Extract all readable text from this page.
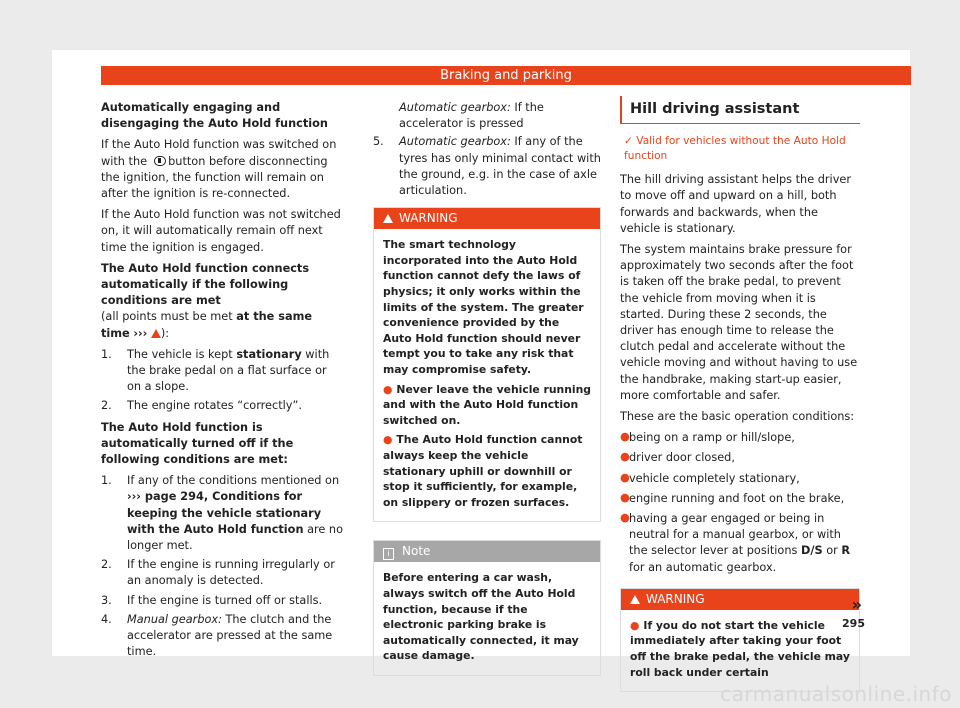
Braking and parking

Automatically engaging and disengaging the Auto Hold function

If the Auto Hold function was switched on with the button before disconnecting the ignition, the function will remain on after the ignition is re-connected.

If the Auto Hold function was not switched on, it will automatically remain off next time the ignition is engaged.

The Auto Hold function connects automatically if the following conditions are met

(all points must be met at the same time ››› ):

1. The vehicle is kept stationary with the brake pedal on a flat surface or on a slope.
2. The engine rotates “correctly”.

The Auto Hold function is automatically turned off if the following conditions are met:

1. If any of the conditions mentioned on ››› page 294, Conditions for keeping the vehicle stationary with the Auto Hold function are no longer met.
2. If the engine is running irregularly or an anomaly is detected.
3. If the engine is turned off or stalls.
4. Manual gearbox: The clutch and the accelerator are pressed at the same time.

Automatic gearbox: If the accelerator is pressed

5. Automatic gearbox: If any of the tyres has only minimal contact with the ground, e.g. in the case of axle articulation.
WARNING

The smart technology incorporated into the Auto Hold function cannot defy the laws of physics; it only works within the limits of the system. The greater convenience provided by the Auto Hold function should never tempt you to take any risk that may compromise safety.

● Never leave the vehicle running and with the Auto Hold function switched on.

● The Auto Hold function cannot always keep the vehicle stationary uphill or downhill or stop it sufficiently, for example, on slippery or frozen surfaces.

i Note

Before entering a car wash, always switch off the Auto Hold function, because if the electronic parking brake is automatically connected, it may cause damage.

Hill driving assistant
✓ Valid for vehicles without the Auto Hold function

The hill driving assistant helps the driver to move off and upward on a hill, both forwards and backwards, when the vehicle is stationary.

The system maintains brake pressure for approximately two seconds after the foot is taken off the brake pedal, to prevent the vehicle from moving when it is started. During these 2 seconds, the driver has enough time to release the clutch pedal and accelerate without the vehicle moving and without having to use the handbrake, making start-up easier, more comfortable and safer.

These are the basic operation conditions:

● being on a ramp or hill/slope,
● driver door closed,
● vehicle completely stationary,
● engine running and foot on the brake,
● having a gear engaged or being in neutral for a manual gearbox, or with the selector lever at positions D/S or R for an automatic gearbox.
WARNING

● If you do not start the vehicle immediately after taking your foot off the brake pedal, the vehicle may roll back under certain

»
295
carmanualsonline.info
